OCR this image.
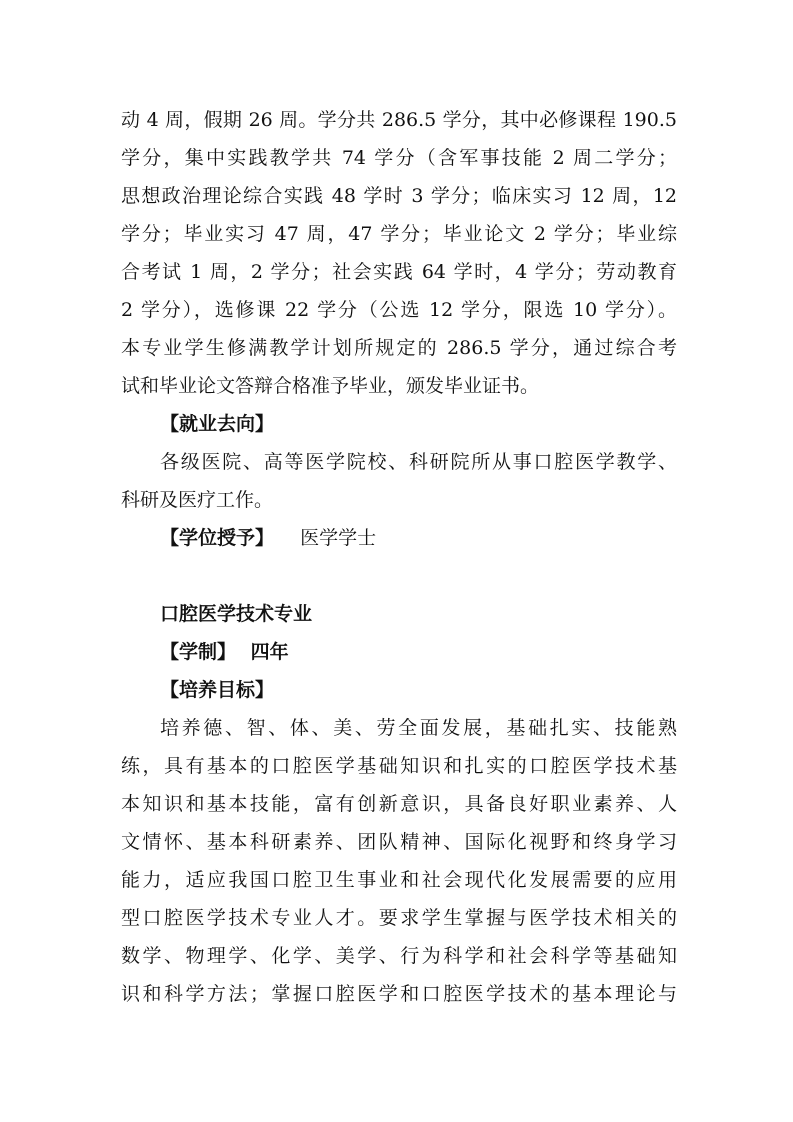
动 4 周，假期 26 周。学分共 286.5 学分，其中必修课程 190.5
学分，集中实践教学共 74 学分（含军事技能 2 周二学分；
思想政治理论综合实践 48 学时 3 学分；临床实习 12 周，12
学分；毕业实习 47 周，47 学分；毕业论文 2 学分；毕业综
合考试 1 周，2 学分；社会实践 64 学时，4 学分；劳动教育
2 学分），选修课 22 学分（公选 12 学分，限选 10 学分）。
本专业学生修满教学计划所规定的 286.5 学分，通过综合考
试和毕业论文答辩合格准予毕业，颁发毕业证书。
【就业去向】
各级医院、高等医学院校、科研院所从事口腔医学教学、
科研及医疗工作。
【学位授予】 医学学士
口腔医学技术专业
【学制】 四年
【培养目标】
培养德、智、体、美、劳全面发展，基础扎实、技能熟
练，具有基本的口腔医学基础知识和扎实的口腔医学技术基
本知识和基本技能，富有创新意识，具备良好职业素养、人
文情怀、基本科研素养、团队精神、国际化视野和终身学习
能力，适应我国口腔卫生事业和社会现代化发展需要的应用
型口腔医学技术专业人才。要求学生掌握与医学技术相关的
数学、物理学、化学、美学、行为科学和社会科学等基础知
识和科学方法；掌握口腔医学和口腔医学技术的基本理论与
